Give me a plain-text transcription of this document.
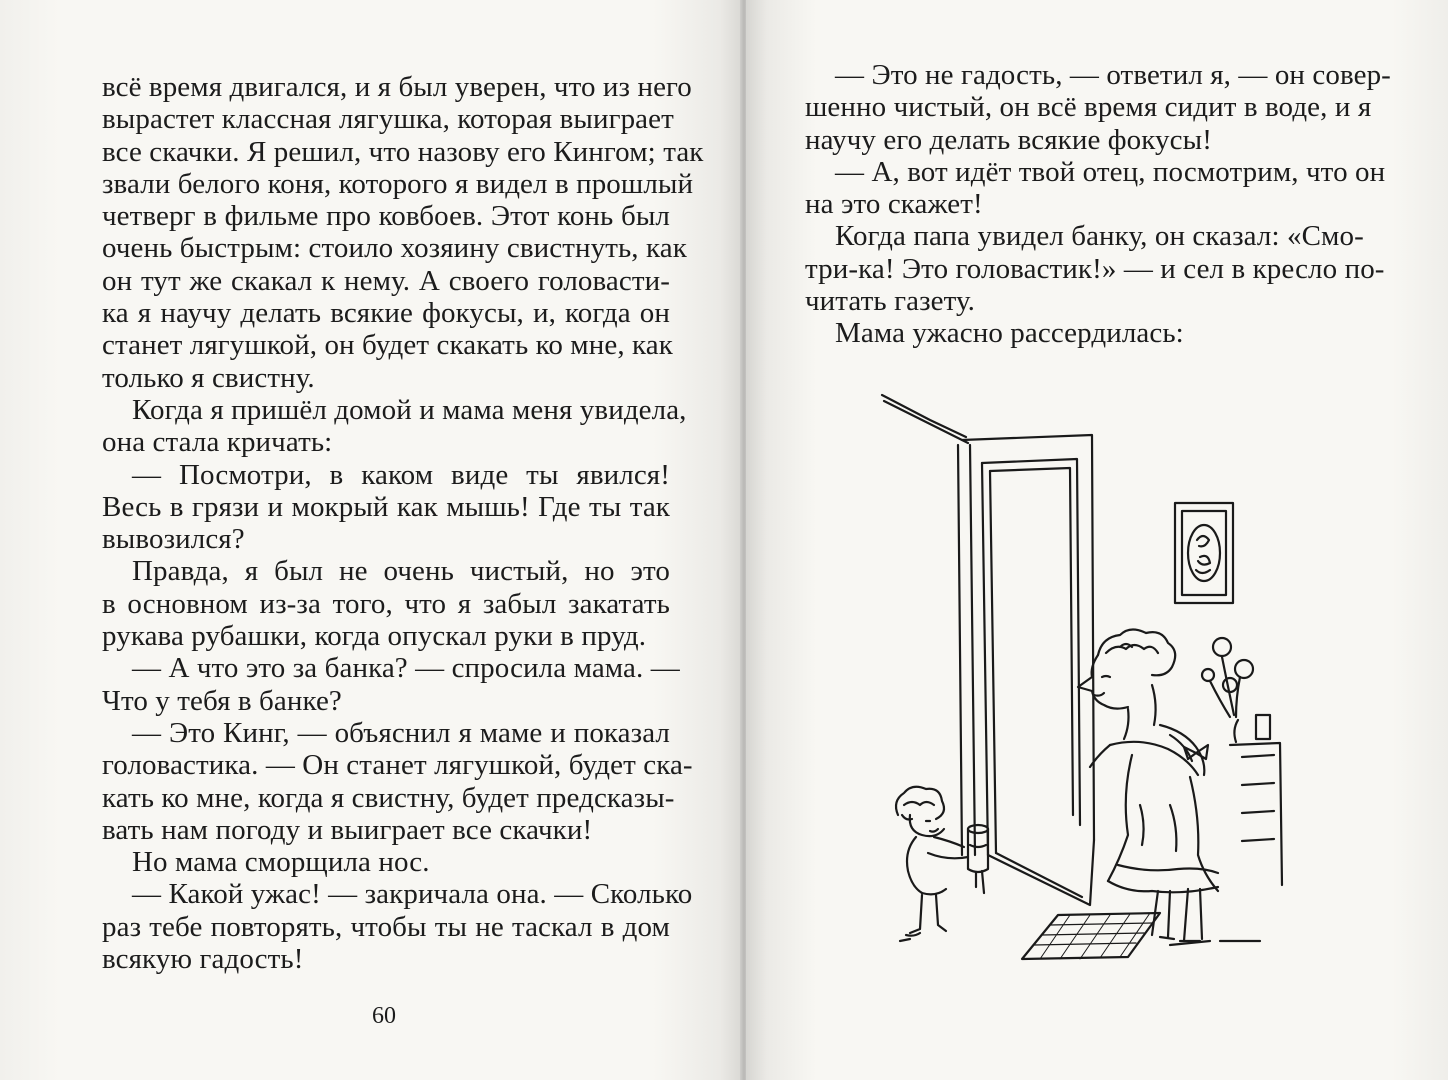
всё время двигался, и я был уверен, что из него
вырастет классная лягушка, которая выиграет
все скачки. Я решил, что назову его Кингом; так
звали белого коня, которого я видел в прошлый
четверг в фильме про ковбоев. Этот конь был
очень быстрым: стоило хозяину свистнуть, как
он тут же скакал к нему. А своего головасти-
ка я научу делать всякие фокусы, и, когда он
станет лягушкой, он будет скакать ко мне, как
только я свистну.
Когда я пришёл домой и мама меня увидела,
она стала кричать:
— Посмотри, в каком виде ты явился!
Весь в грязи и мокрый как мышь! Где ты так
вывозился?
Правда, я был не очень чистый, но это
в основном из-за того, что я забыл закатать
рукава рубашки, когда опускал руки в пруд.
— А что это за банка? — спросила мама. —
Что у тебя в банке?
— Это Кинг, — объяснил я маме и показал
головастика. — Он станет лягушкой, будет ска-
кать ко мне, когда я свистну, будет предсказы-
вать нам погоду и выиграет все скачки!
Но мама сморщила нос.
— Какой ужас! — закричала она. — Сколько
раз тебе повторять, чтобы ты не таскал в дом
всякую гадость!
60
— Это не гадость, — ответил я, — он совер-
шенно чистый, он всё время сидит в воде, и я
научу его делать всякие фокусы!
— А, вот идёт твой отец, посмотрим, что он
на это скажет!
Когда папа увидел банку, он сказал: «Смо-
три-ка! Это головастик!» — и сел в кресло по-
читать газету.
Мама ужасно рассердилась:
